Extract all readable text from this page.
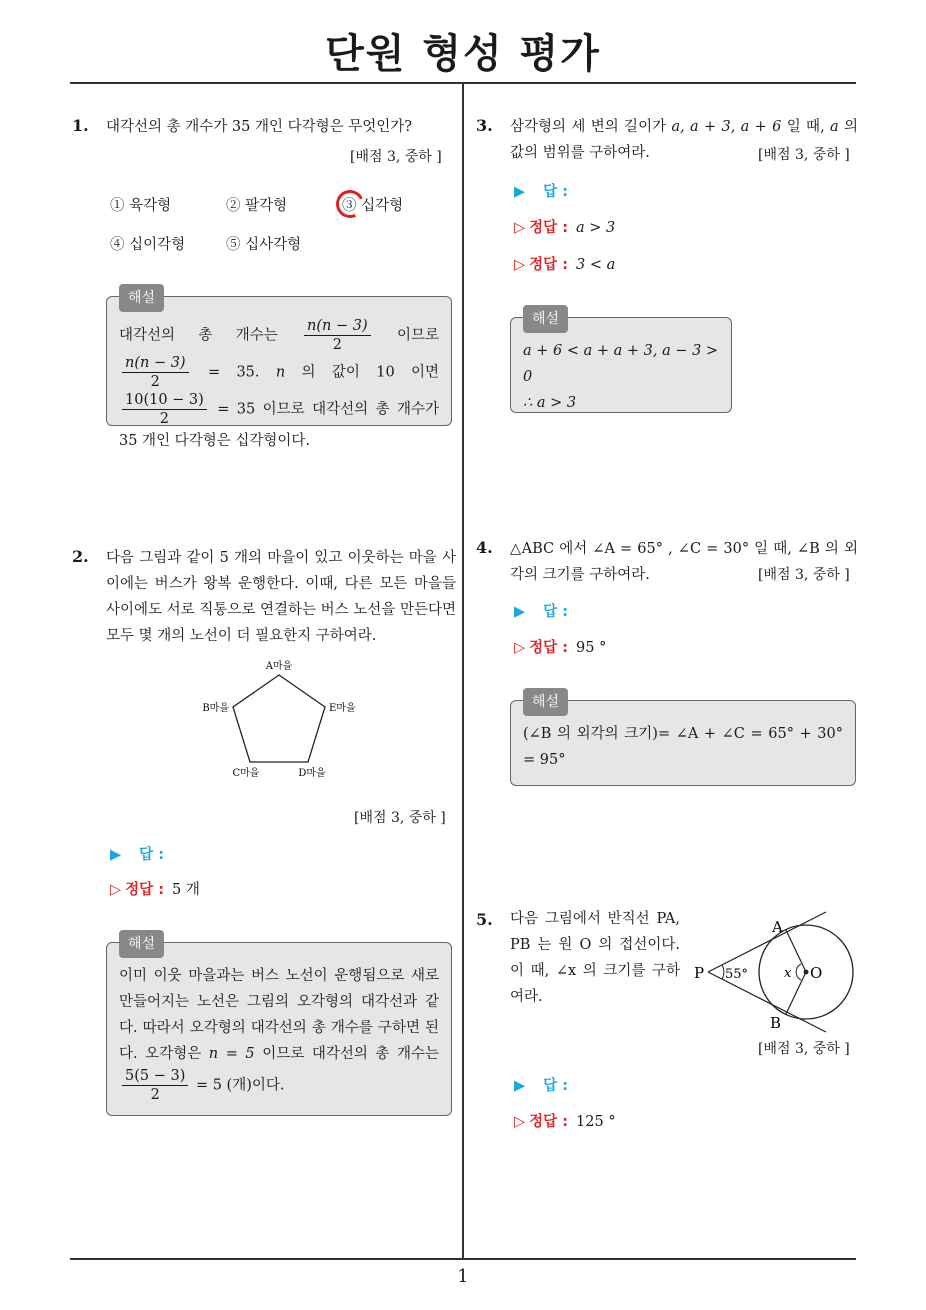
단원 형성 평가
1
1. 대각선의 총 개수가 35 개인 다각형은 무엇인가?
[배점 3, 중하 ]
① 육각형	② 팔각형	③ 십각형
④ 십이각형	⑤ 십사각형
해설
대각선의 총 개수는 $\frac{n(n - 3)}{2}$ 이므로
$\frac{n(n - 3)}{2} = 35$. n 의 값이 10 이면
$\frac{10(10 - 3)}{2} = 35$ 이므로 대각선의 총 개수가 35 개인 다각형은 십각형이다.
2. 다음 그림과 같이 5 개의 마을이 있고 이웃하는 마을 사이에는 버스가 왕복 운행한다. 이때, 다른 모든 마을들 사이에도 서로 직통으로 연결하는 버스 노선을 만든다면 모두 몇 개의 노선이 더 필요한지 구하여라.
A마을
B마을	E마을
C마을	D마을
[배점 3, 중하 ]
▶ 답 :
▷ 정답 : 5 개
해설
이미 이웃 마을과는 버스 노선이 운행됨으로 새로 만들어지는 노선은 그림의 오각형의 대각선과 같다. 따라서 오각형의 대각선의 총 개수를 구하면 된다. 오각형은 n = 5 이므로 대각선의 총 개수는
$\frac{5(5 - 3)}{2} = 5$ (개)이다.
3. 삼각형의 세 변의 길이가 a, a + 3, a + 6 일 때, a 의 값의 범위를 구하여라.	[배점 3, 중하 ]
▶ 답 :
▷ 정답 : a > 3
▷ 정답 : 3 < a
해설
a + 6 < a + a + 3, a − 3 > 0
∴ a > 3
4. △ABC 에서 ∠A = 65° , ∠C = 30° 일 때, ∠B 의 외각의 크기를 구하여라.	[배점 3, 중하 ]
▶ 답 :
▷ 정답 : 95 °
해설
(∠B 의 외각의 크기)= ∠A + ∠C = 65° + 30° = 95°
5. 다음 그림에서 반직선 PA, PB 는 원 O 의 접선이다. 이 때, ∠x 의 크기를 구하여라.
P
A
B
O
x
55°
[배점 3, 중하 ]
▶ 답 :
▷ 정답 : 125 °
